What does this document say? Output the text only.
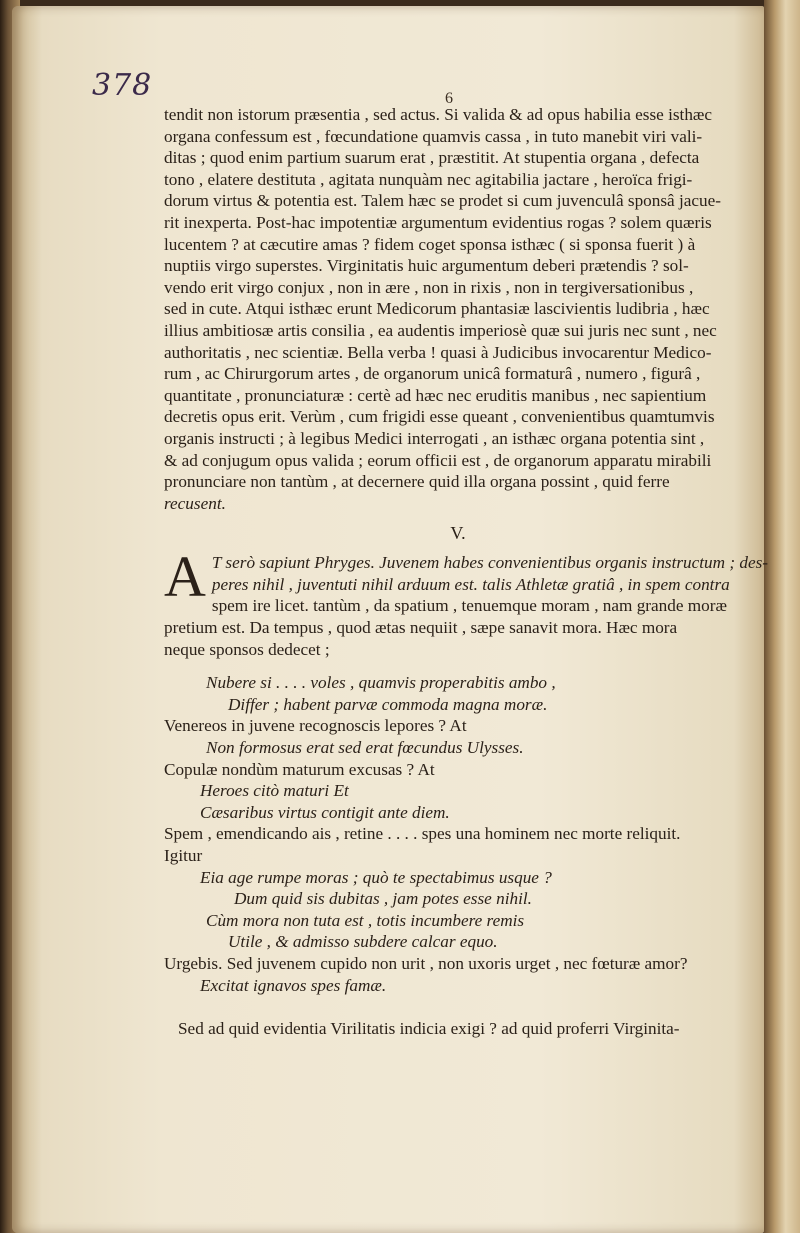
378	6
tendit non istorum præsentia , sed actus. Si valida & ad opus habilia esse isthæc
organa confessum est , fœcundatione quamvis cassa , in tuto manebit viri vali-
ditas ; quod enim partium suarum erat , præstitit. At stupentia organa , defecta
tono , elatere destituta , agitata nunquàm nec agitabilia jactare , heroïca frigi-
dorum virtus & potentia est. Talem hæc se prodet si cum juvenculâ sponsâ jacue-
rit inexperta. Post-hac impotentiæ argumentum evidentius rogas ? solem quæris
lucentem ? at cæcutire amas ? fidem coget sponsa isthæc ( si sponsa fuerit ) à
nuptiis virgo superstes. Virginitatis huic argumentum deberi prætendis ? sol-
vendo erit virgo conjux , non in ære , non in rixis , non in tergiversationibus ,
sed in cute. Atqui isthæc erunt Medicorum phantasiæ lascivientis ludibria , hæc
illius ambitiosæ artis consilia , ea audentis imperiosè quæ sui juris nec sunt , nec
authoritatis , nec scientiæ. Bella verba ! quasi à Judicibus invocarentur Medico-
rum , ac Chirurgorum artes , de organorum unicâ formaturâ , numero , figurâ ,
quantitate , pronunciaturæ : certè ad hæc nec eruditis manibus , nec sapientium
decretis opus erit. Verùm , cum frigidi esse queant , convenientibus quamtumvis
organis instructi ; à legibus Medici interrogati , an isthæc organa potentia sint ,
& ad conjugum opus valida ; eorum officii est , de organorum apparatu mirabili
pronunciare non tantùm , at decernere quid illa organa possint , quid ferre
recusent.
V.
A T serò sapiunt Phryges. Juvenem habes convenientibus organis instructum ; des-
peres nihil , juventuti nihil arduum est. talis Athletæ gratiâ , in spem contra
spem ire licet. tantùm , da spatium , tenuemque moram , nam grande moræ
pretium est. Da tempus , quod ætas nequiit , sæpe sanavit mora. Hæc mora
neque sponsos dedecet ;
Nubere si . . . . voles , quamvis properabitis ambo ,
Differ ; habent parvæ commoda magna moræ.
Venereos in juvene recognoscis lepores ? At
Non formosus erat sed erat fœcundus Ulysses.
Copulæ nondùm maturum excusas ? At
Heroes citò maturi Et
Cæsaribus virtus contigit ante diem.
Spem , emendicando ais , retine . . . . spes una hominem nec morte reliquit.
Igitur
Eia age rumpe moras ; quò te spectabimus usque ?
Dum quid sis dubitas , jam potes esse nihil.
Cùm mora non tuta est , totis incumbere remis
Utile , & admisso subdere calcar equo.
Urgebis. Sed juvenem cupido non urit , non uxoris urget , nec fœturæ amor?
Excitat ignavos spes famæ.
Sed ad quid evidentia Virilitatis indicia exigi ? ad quid proferri Virginita-
